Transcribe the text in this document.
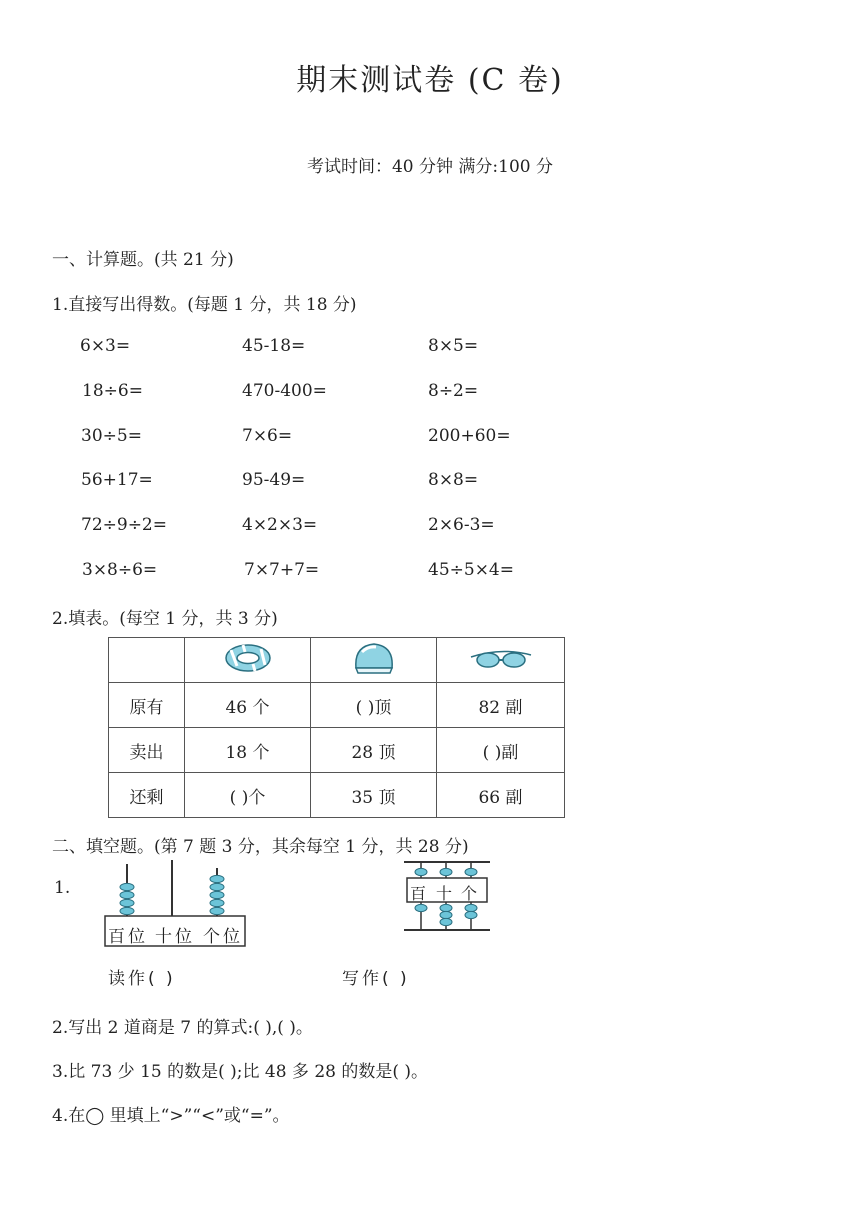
期末测试卷 (C 卷)
考试时间：40 分钟 满分:100 分
一、计算题。(共 21 分)
1.直接写出得数。(每题 1 分，共 18 分)
6×3=	45-18=	8×5=
18÷6=	470-400=	8÷2=
30÷5=	7×6=	200+60=
56+17=	95-49=	8×8=
72÷9÷2=	4×2×3=	2×6-3=
3×8÷6=	7×7+7=	45÷5×4=
2.填表。(每空 1 分，共 3 分)

原有	46 个	( )顶	82 副
卖出	18 个	28 顶	( )副
还剩	( )个	35 顶	66 副
二、填空题。(第 7 题 3 分，其余每空 1 分，共 28 分)
1.
百位 十位 个位
百 十 个
读作( )	写作( )
2.写出 2 道商是 7 的算式:( ),( )。
3.比 73 少 15 的数是( );比 48 多 28 的数是( )。
4.在◯ 里填上“>”“<”或“=”。
